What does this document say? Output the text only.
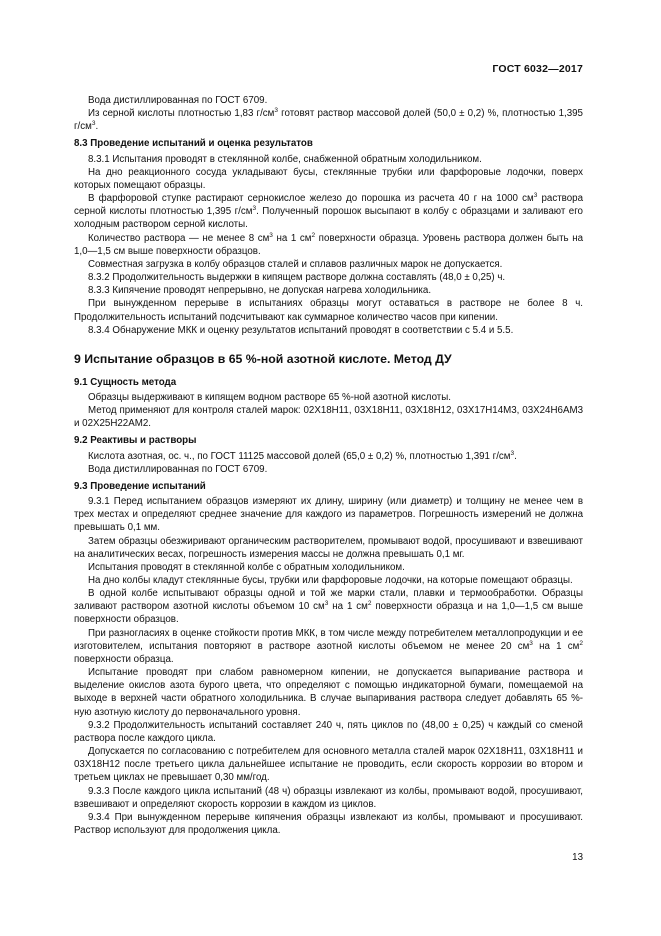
ГОСТ 6032—2017

Вода дистиллированная по ГОСТ 6709.

Из серной кислоты плотностью 1,83 $г/см^3$ готовят раствор массовой долей (50,0 ± 0,2) %, плотностью 1,395 $г/см^3$.

8.3 Проведение испытаний и оценка результатов

8.3.1 Испытания проводят в стеклянной колбе, снабженной обратным холодильником.

На дно реакционного сосуда укладывают бусы, стеклянные трубки или фарфоровые лодочки, поверх которых помещают образцы.

В фарфоровой ступке растирают сернокислое железо до порошка из расчета 40 г на 1000 $см^3$ раствора серной кислоты плотностью 1,395 $г/см^3$. Полученный порошок высыпают в колбу с образцами и заливают его холодным раствором серной кислоты.

Количество раствора — не менее 8 $см^3$ на 1 $см^2$ поверхности образца. Уровень раствора должен быть на 1,0—1,5 см выше поверхности образцов.

Совместная загрузка в колбу образцов сталей и сплавов различных марок не допускается.

8.3.2 Продолжительность выдержки в кипящем растворе должна составлять (48,0 ± 0,25) ч.

8.3.3 Кипячение проводят непрерывно, не допуская нагрева холодильника.

При вынужденном перерыве в испытаниях образцы могут оставаться в растворе не более 8 ч. Продолжительность испытаний подсчитывают как суммарное количество часов при кипении.

8.3.4 Обнаружение МКК и оценку результатов испытаний проводят в соответствии с 5.4 и 5.5.

9 Испытание образцов в 65 %-ной азотной кислоте. Метод ДУ
9.1 Сущность метода

Образцы выдерживают в кипящем водном растворе 65 %-ной азотной кислоты.

Метод применяют для контроля сталей марок: 02Х18Н11, 03Х18Н11, 03Х18Н12, 03Х17Н14М3, 03Х24Н6АМ3 и 02Х25Н22АМ2.

9.2 Реактивы и растворы

Кислота азотная, ос. ч., по ГОСТ 11125 массовой долей (65,0 ± 0,2) %, плотностью 1,391 $г/см^3$.

Вода дистиллированная по ГОСТ 6709.

9.3 Проведение испытаний

9.3.1 Перед испытанием образцов измеряют их длину, ширину (или диаметр) и толщину не менее чем в трех местах и определяют среднее значение для каждого из параметров. Погрешность измерений не должна превышать 0,1 мм.

Затем образцы обезжиривают органическим растворителем, промывают водой, просушивают и взвешивают на аналитических весах, погрешность измерения массы не должна превышать 0,1 мг.

Испытания проводят в стеклянной колбе с обратным холодильником.

На дно колбы кладут стеклянные бусы, трубки или фарфоровые лодочки, на которые помещают образцы.

В одной колбе испытывают образцы одной и той же марки стали, плавки и термообработки. Образцы заливают раствором азотной кислоты объемом 10 $см^3$ на 1 $см^2$ поверхности образца и на 1,0—1,5 см выше поверхности образцов.

При разногласиях в оценке стойкости против МКК, в том числе между потребителем металлопродукции и ее изготовителем, испытания повторяют в растворе азотной кислоты объемом не менее 20 $см^3$ на 1 $см^2$ поверхности образца.

Испытание проводят при слабом равномерном кипении, не допускается выпаривание раствора и выделение окислов азота бурого цвета, что определяют с помощью индикаторной бумаги, помещаемой на выходе в верхней части обратного холодильника. В случае выпаривания раствора следует добавлять 65 %-ную азотную кислоту до первоначального уровня.

9.3.2 Продолжительность испытаний составляет 240 ч, пять циклов по (48,00 ± 0,25) ч каждый со сменой раствора после каждого цикла.

Допускается по согласованию с потребителем для основного металла сталей марок 02Х18Н11, 03Х18Н11 и 03Х18Н12 после третьего цикла дальнейшее испытание не проводить, если скорость коррозии во втором и третьем циклах не превышает 0,30 мм/год.

9.3.3 После каждого цикла испытаний (48 ч) образцы извлекают из колбы, промывают водой, просушивают, взвешивают и определяют скорость коррозии в каждом из циклов.

9.3.4 При вынужденном перерыве кипячения образцы извлекают из колбы, промывают и просушивают. Раствор используют для продолжения цикла.

13
